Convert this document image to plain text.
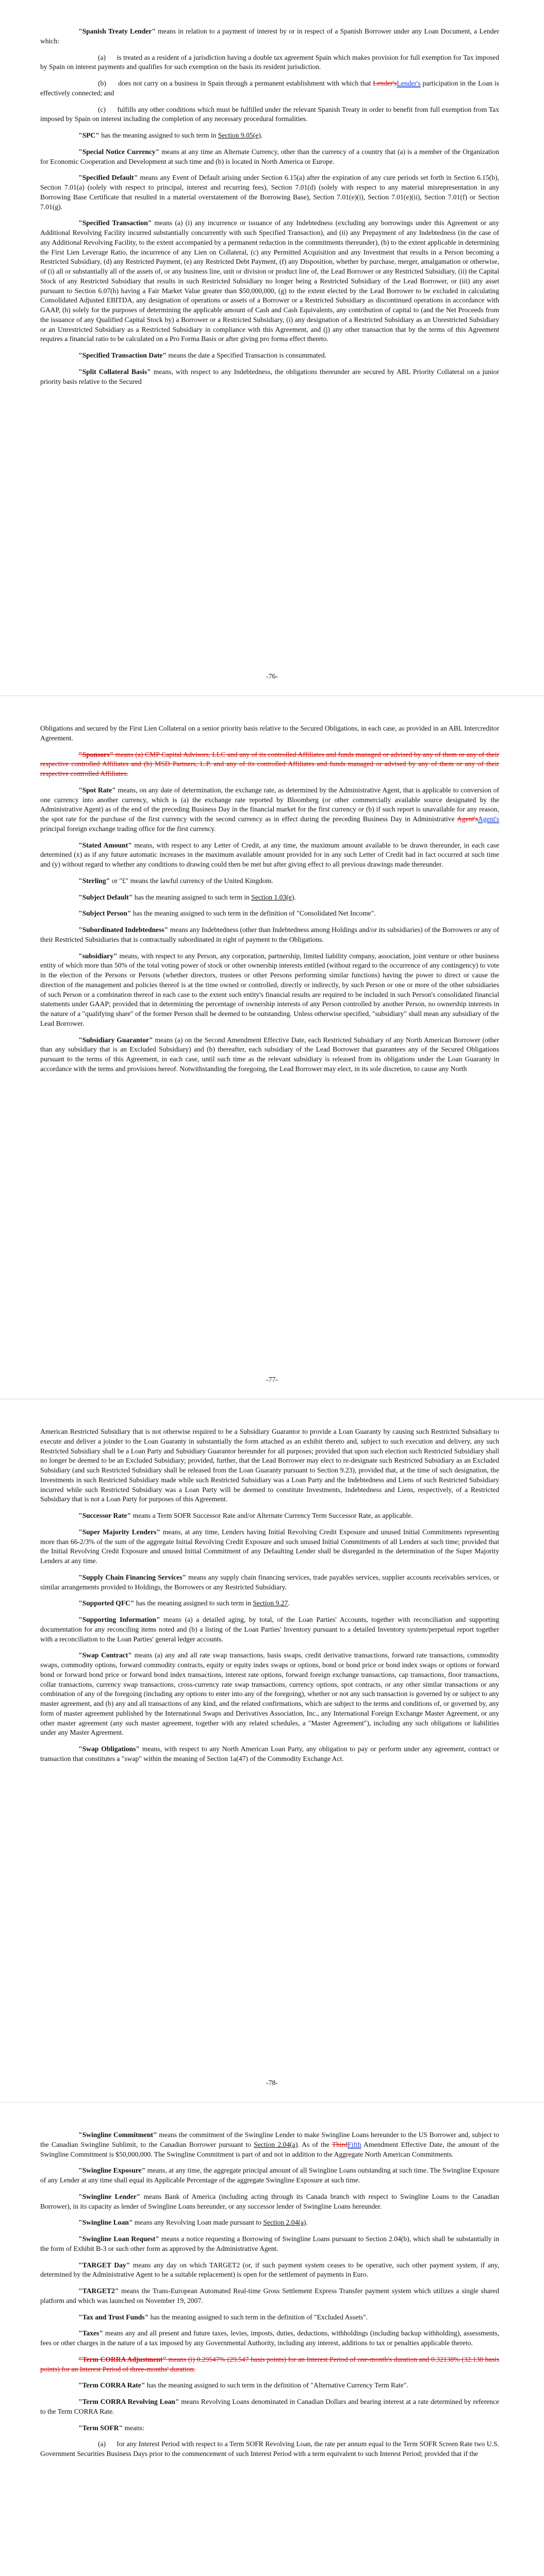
"Spanish Treaty Lender" means in relation to a payment of interest by or in respect of a Spanish Borrower under any Loan Document, a Lender which:

(a) is treated as a resident of a jurisdiction having a double tax agreement Spain which makes provision for full exemption for Tax imposed by Spain on interest payments and qualifies for such exemption on the basis its resident jurisdiction.

(b) does not carry on a business in Spain through a permanent establishment with which that Lender'sLender's participation in the Loan is effectively connected; and

(c) fulfills any other conditions which must be fulfilled under the relevant Spanish Treaty in order to benefit from full exemption from Tax imposed by Spain on interest including the completion of any necessary procedural formalities.

"SPC" has the meaning assigned to such term in Section 9.05(e).

"Special Notice Currency" means at any time an Alternate Currency, other than the currency of a country that (a) is a member of the Organization for Economic Cooperation and Development at such time and (b) is located in North America or Europe.

"Specified Default" means any Event of Default arising under Section 6.15(a) after the expiration of any cure periods set forth in Section 6.15(b), Section 7.01(a) (solely with respect to principal, interest and recurring fees), Section 7.01(d) (solely with respect to any material misrepresentation in any Borrowing Base Certificate that resulted in a material overstatement of the Borrowing Base), Section 7.01(e)(i), Section 7.01(e)(ii), Section 7.01(f) or Section 7.01(g).

"Specified Transaction" means (a) (i) any incurrence or issuance of any Indebtedness (excluding any borrowings under this Agreement or any Additional Revolving Facility incurred substantially concurrently with such Specified Transaction), and (ii) any Prepayment of any Indebtedness (in the case of any Additional Revolving Facility, to the extent accompanied by a permanent reduction in the commitments thereunder), (b) to the extent applicable in determining the First Lien Leverage Ratio, the incurrence of any Lien on Collateral, (c) any Permitted Acquisition and any Investment that results in a Person becoming a Restricted Subsidiary, (d) any Restricted Payment, (e) any Restricted Debt Payment, (f) any Disposition, whether by purchase, merger, amalgamation or otherwise, of (i) all or substantially all of the assets of, or any business line, unit or division or product line of, the Lead Borrower or any Restricted Subsidiary, (ii) the Capital Stock of any Restricted Subsidiary that results in such Restricted Subsidiary no longer being a Restricted Subsidiary of the Lead Borrower, or (iii) any asset pursuant to Section 6.07(h) having a Fair Market Value greater than $50,000,000, (g) to the extent elected by the Lead Borrower to be excluded in calculating Consolidated Adjusted EBITDA, any designation of operations or assets of a Borrower or a Restricted Subsidiary as discontinued operations in accordance with GAAP, (h) solely for the purposes of determining the applicable amount of Cash and Cash Equivalents, any contribution of capital to (and the Net Proceeds from the issuance of any Qualified Capital Stock by) a Borrower or a Restricted Subsidiary, (i) any designation of a Restricted Subsidiary as an Unrestricted Subsidiary or an Unrestricted Subsidiary as a Restricted Subsidiary in compliance with this Agreement, and (j) any other transaction that by the terms of this Agreement requires a financial ratio to be calculated on a Pro Forma Basis or after giving pro forma effect thereto.

"Specified Transaction Date" means the date a Specified Transaction is consummated.

"Split Collateral Basis" means, with respect to any Indebtedness, the obligations thereunder are secured by ABL Priority Collateral on a junior priority basis relative to the Secured

-76-

Obligations and secured by the First Lien Collateral on a senior priority basis relative to the Secured Obligations, in each case, as provided in an ABL Intercreditor Agreement.

"Sponsors" means (a) CMP Capital Advisors, LLC and any of its controlled Affiliates and funds managed or advised by any of them or any of their respective controlled Affiliates and (b) MSD Partners, L.P. and any of its controlled Affiliates and funds managed or advised by any of them or any of their respective controlled Affiliates.

"Spot Rate" means, on any date of determination, the exchange rate, as determined by the Administrative Agent, that is applicable to conversion of one currency into another currency, which is (a) the exchange rate reported by Bloomberg (or other commercially available source designated by the Administrative Agent) as of the end of the preceding Business Day in the financial market for the first currency or (b) if such report is unavailable for any reason, the spot rate for the purchase of the first currency with the second currency as in effect during the preceding Business Day in Administrative Agent'sAgent's principal foreign exchange trading office for the first currency.

"Stated Amount" means, with respect to any Letter of Credit, at any time, the maximum amount available to be drawn thereunder, in each case determined (x) as if any future automatic increases in the maximum available amount provided for in any such Letter of Credit had in fact occurred at such time and (y) without regard to whether any conditions to drawing could then be met but after giving effect to all previous drawings made thereunder.

"Sterling" or "£" means the lawful currency of the United Kingdom.

"Subject Default" has the meaning assigned to such term in Section 1.03(e).

"Subject Person" has the meaning assigned to such term in the definition of "Consolidated Net Income".

"Subordinated Indebtedness" means any Indebtedness (other than Indebtedness among Holdings and/or its subsidiaries) of the Borrowers or any of their Restricted Subsidiaries that is contractually subordinated in right of payment to the Obligations.

"subsidiary" means, with respect to any Person, any corporation, partnership, limited liability company, association, joint venture or other business entity of which more than 50% of the total voting power of stock or other ownership interests entitled (without regard to the occurrence of any contingency) to vote in the election of the Persons or Persons (whether directors, trustees or other Persons performing similar functions) having the power to direct or cause the direction of the management and policies thereof is at the time owned or controlled, directly or indirectly, by such Person or one or more of the other subsidiaries of such Person or a combination thereof in each case to the extent such entity's financial results are required to be included in such Person's consolidated financial statements under GAAP; provided that in determining the percentage of ownership interests of any Person controlled by another Person, no ownership interests in the nature of a "qualifying share" of the former Person shall be deemed to be outstanding. Unless otherwise specified, "subsidiary" shall mean any subsidiary of the Lead Borrower.

"Subsidiary Guarantor" means (a) on the Second Amendment Effective Date, each Restricted Subsidiary of any North American Borrower (other than any subsidiary that is an Excluded Subsidiary) and (b) thereafter, each subsidiary of the Lead Borrower that guarantees any of the Secured Obligations pursuant to the terms of this Agreement, in each case, until such time as the relevant subsidiary is released from its obligations under the Loan Guaranty in accordance with the terms and provisions hereof. Notwithstanding the foregoing, the Lead Borrower may elect, in its sole discretion, to cause any North

-77-

American Restricted Subsidiary that is not otherwise required to be a Subsidiary Guarantor to provide a Loan Guaranty by causing such Restricted Subsidiary to execute and deliver a joinder to the Loan Guaranty in substantially the form attached as an exhibit thereto and, subject to such execution and delivery, any such Restricted Subsidiary shall be a Loan Party and Subsidiary Guarantor hereunder for all purposes; provided that upon such election such Restricted Subsidiary shall no longer be deemed to be an Excluded Subsidiary; provided, further, that the Lead Borrower may elect to re-designate such Restricted Subsidiary as an Excluded Subsidiary (and such Restricted Subsidiary shall be released from the Loan Guaranty pursuant to Section 9.23), provided that, at the time of such designation, the Investments in such Restricted Subsidiary made while such Restricted Subsidiary was a Loan Party and the Indebtedness and Liens of such Restricted Subsidiary incurred while such Restricted Subsidiary was a Loan Party will be deemed to constitute Investments, Indebtedness and Liens, respectively, of a Restricted Subsidiary that is not a Loan Party for purposes of this Agreement.

"Successor Rate" means a Term SOFR Successor Rate and/or Alternate Currency Term Successor Rate, as applicable.

"Super Majority Lenders" means, at any time, Lenders having Initial Revolving Credit Exposure and unused Initial Commitments representing more than 66-2/3% of the sum of the aggregate Initial Revolving Credit Exposure and such unused Initial Commitments of all Lenders at such time; provided that the Initial Revolving Credit Exposure and unused Initial Commitment of any Defaulting Lender shall be disregarded in the determination of the Super Majority Lenders at any time.

"Supply Chain Financing Services" means any supply chain financing services, trade payables services, supplier accounts receivables services, or similar arrangements provided to Holdings, the Borrowers or any Restricted Subsidiary.

"Supported QFC" has the meaning assigned to such term in Section 9.27.

"Supporting Information" means (a) a detailed aging, by total, of the Loan Parties' Accounts, together with reconciliation and supporting documentation for any reconciling items noted and (b) a listing of the Loan Parties' Inventory pursuant to a detailed Inventory system/perpetual report together with a reconciliation to the Loan Parties' general ledger accounts.

"Swap Contract" means (a) any and all rate swap transactions, basis swaps, credit derivative transactions, forward rate transactions, commodity swaps, commodity options, forward commodity contracts, equity or equity index swaps or options, bond or bond price or bond index swaps or options or forward bond or forward bond price or forward bond index transactions, interest rate options, forward foreign exchange transactions, cap transactions, floor transactions, collar transactions, currency swap transactions, cross-currency rate swap transactions, currency options, spot contracts, or any other similar transactions or any combination of any of the foregoing (including any options to enter into any of the foregoing), whether or not any such transaction is governed by or subject to any master agreement, and (b) any and all transactions of any kind, and the related confirmations, which are subject to the terms and conditions of, or governed by, any form of master agreement published by the International Swaps and Derivatives Association, Inc., any International Foreign Exchange Master Agreement, or any other master agreement (any such master agreement, together with any related schedules, a "Master Agreement"), including any such obligations or liabilities under any Master Agreement.

"Swap Obligations" means, with respect to any North American Loan Party, any obligation to pay or perform under any agreement, contract or transaction that constitutes a "swap" within the meaning of Section 1a(47) of the Commodity Exchange Act.

-78-

"Swingline Commitment" means the commitment of the Swingline Lender to make Swingline Loans hereunder to the US Borrower and, subject to the Canadian Swingline Sublimit, to the Canadian Borrower pursuant to Section 2.04(a). As of the ThirdFifth Amendment Effective Date, the amount of the Swingline Commitment is $50,000,000. The Swingline Commitment is part of and not in addition to the Aggregate North American Commitments.

"Swingline Exposure" means, at any time, the aggregate principal amount of all Swingline Loans outstanding at such time. The Swingline Exposure of any Lender at any time shall equal its Applicable Percentage of the aggregate Swingline Exposure at such time.

"Swingline Lender" means Bank of America (including acting through its Canada branch with respect to Swingline Loans to the Canadian Borrower), in its capacity as lender of Swingline Loans hereunder, or any successor lender of Swingline Loans hereunder.

"Swingline Loan" means any Revolving Loan made pursuant to Section 2.04(a).

"Swingline Loan Request" means a notice requesting a Borrowing of Swingline Loans pursuant to Section 2.04(b), which shall be substantially in the form of Exhibit B-3 or such other form as approved by the Administrative Agent.

"TARGET Day" means any day on which TARGET2 (or, if such payment system ceases to be operative, such other payment system, if any, determined by the Administrative Agent to be a suitable replacement) is open for the settlement of payments in Euro.

"TARGET2" means the Trans-European Automated Real-time Gross Settlement Express Transfer payment system which utilizes a single shared platform and which was launched on November 19, 2007.

"Tax and Trust Funds" has the meaning assigned to such term in the definition of "Excluded Assets".

"Taxes" means any and all present and future taxes, levies, imposts, duties, deductions, withholdings (including backup withholding), assessments, fees or other charges in the nature of a tax imposed by any Governmental Authority, including any interest, additions to tax or penalties applicable thereto.

"Term CORRA Adjustment" means (i) 0.29547% (29.547 basis points) for an Interest Period of one-month's duration and 0.32138% (32.138 basis points) for an Interest Period of three-months' duration.

"Term CORRA Rate" has the meaning assigned to such term in the definition of "Alternative Currency Term Rate".

"Term CORRA Revolving Loan" means Revolving Loans denominated in Canadian Dollars and bearing interest at a rate determined by reference to the Term CORRA Rate.

"Term SOFR" means:

(a) for any Interest Period with respect to a Term SOFR Revolving Loan, the rate per annum equal to the Term SOFR Screen Rate two U.S. Government Securities Business Days prior to the commencement of such Interest Period with a term equivalent to such Interest Period; provided that if the
